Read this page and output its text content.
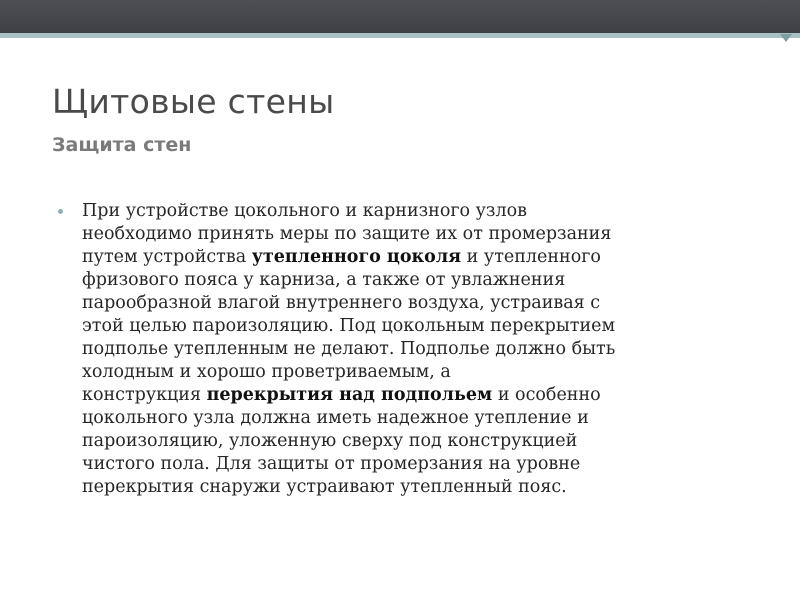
Щитовые стены
Защита стен
При устройстве цокольного и карнизного узлов
необходимо принять меры по защите их от промерзания
путем устройства утепленного цоколя и утепленного
фризового пояса у карниза, а также от увлажнения
парообразной влагой внутреннего воздуха, устраивая с
этой целью пароизоляцию. Под цокольным перекрытием
подполье утепленным не делают. Подполье должно быть
холодным и хорошо проветриваемым, а
конструкция перекрытия над подпольем и особенно
цокольного узла должна иметь надежное утепление и
пароизоляцию, уложенную сверху под конструкцией
чистого пола. Для защиты от промерзания на уровне
перекрытия снаружи устраивают утепленный пояс.
